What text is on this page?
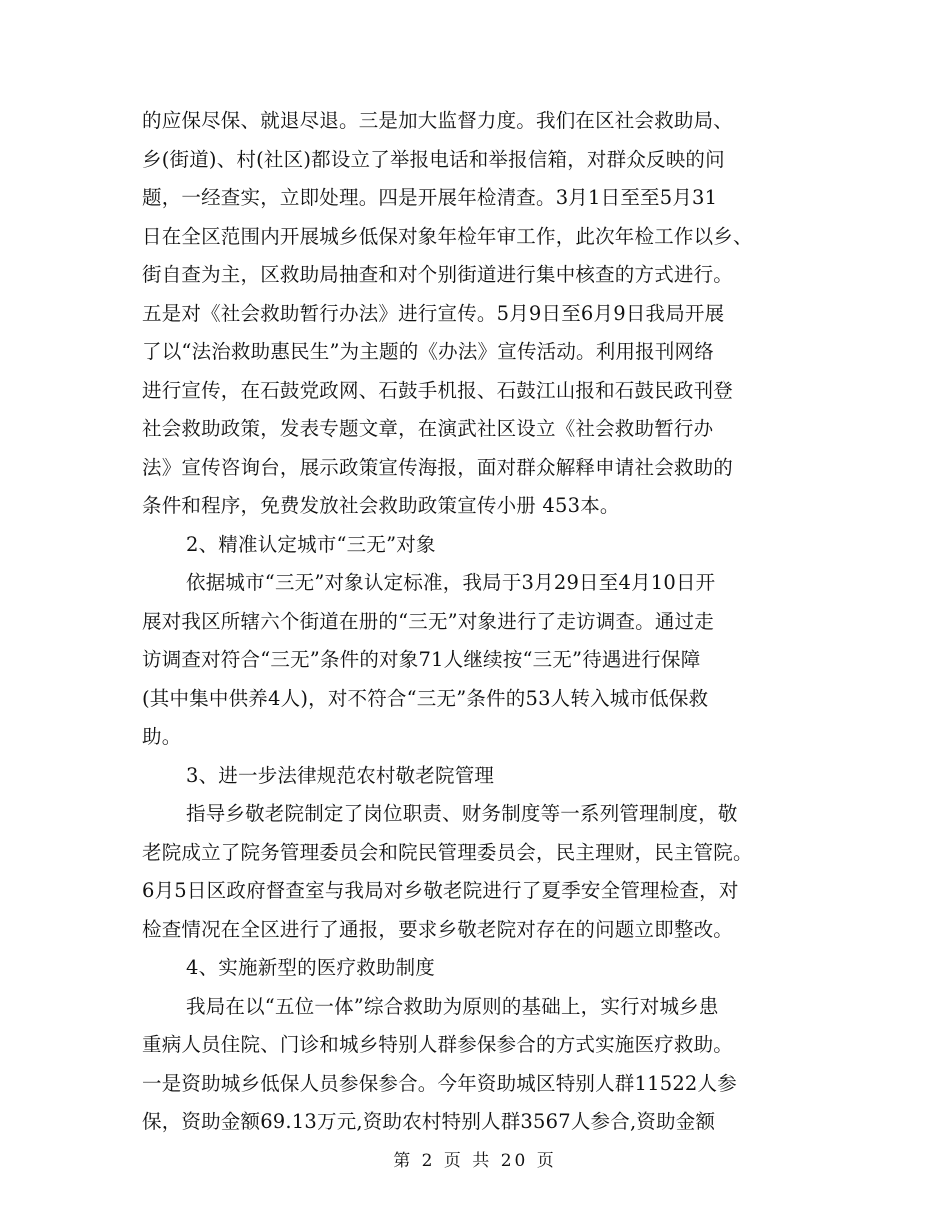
的应保尽保、就退尽退。三是加大监督力度。我们在区社会救助局、
乡(街道)、村(社区)都设立了举报电话和举报信箱，对群众反映的问
题，一经查实，立即处理。四是开展年检清查。3月1日至至5月31
日在全区范围内开展城乡低保对象年检年审工作，此次年检工作以乡、
街自查为主，区救助局抽查和对个别街道进行集中核查的方式进行。
五是对《社会救助暂行办法》进行宣传。5月9日至6月9日我局开展
了以“法治救助惠民生”为主题的《办法》宣传活动。利用报刊网络
进行宣传，在石鼓党政网、石鼓手机报、石鼓江山报和石鼓民政刊登
社会救助政策，发表专题文章，在演武社区设立《社会救助暂行办
法》宣传咨询台，展示政策宣传海报，面对群众解释申请社会救助的
条件和程序，免费发放社会救助政策宣传小册 453本。
2、精准认定城市“三无”对象
依据城市“三无”对象认定标准，我局于3月29日至4月10日开
展对我区所辖六个街道在册的“三无”对象进行了走访调查。通过走
访调查对符合“三无”条件的对象71人继续按“三无”待遇进行保障
(其中集中供养4人)，对不符合“三无”条件的53人转入城市低保救
助。
3、进一步法律规范农村敬老院管理
指导乡敬老院制定了岗位职责、财务制度等一系列管理制度，敬
老院成立了院务管理委员会和院民管理委员会，民主理财，民主管院。
6月5日区政府督查室与我局对乡敬老院进行了夏季安全管理检查，对
检查情况在全区进行了通报，要求乡敬老院对存在的问题立即整改。
4、实施新型的医疗救助制度
我局在以“五位一体”综合救助为原则的基础上，实行对城乡患
重病人员住院、门诊和城乡特别人群参保参合的方式实施医疗救助。
一是资助城乡低保人员参保参合。今年资助城区特别人群11522人参
保，资助金额69.13万元,资助农村特别人群3567人参合,资助金额
第 2 页 共 20 页
